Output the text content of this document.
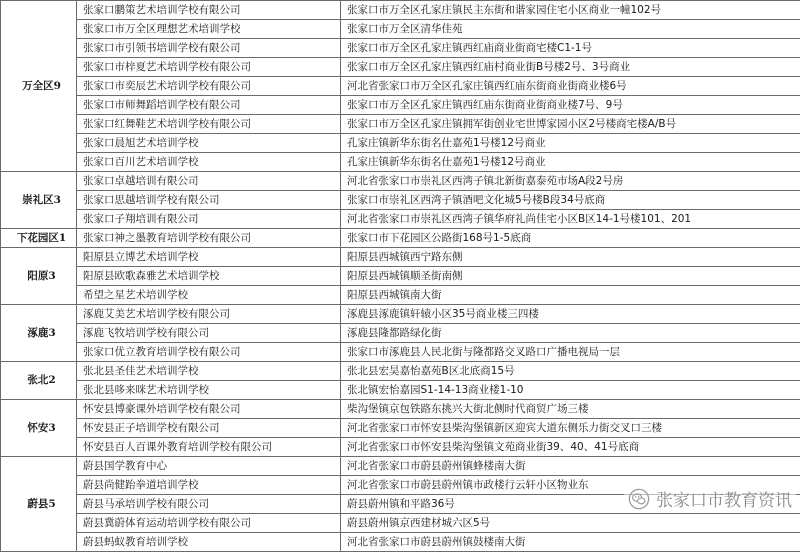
万全区9	张家口鹏策艺术培训学校有限公司	张家口市万全区孔家庄镇民主东街和谐家园住宅小区商业一幢102号
	张家口市万全区理想艺术培训学校	张家口市万全区清华佳苑
	张家口市引领书培训学校有限公司	张家口市万全区孔家庄镇西红庙商业街商宅楼C1-1号
	张家口市梓夏艺术培训学校有限公司	张家口市万全区孔家庄镇西红庙村商业街B号楼2号、3号商业
	张家口市奕辰艺术培训学校有限公司	河北省张家口市万全区孔家庄镇西红庙东街商业街商业楼6号
	张家口市师舞蹈培训学校有限公司	张家口市万全区孔家庄镇西红庙东街商业街商业楼7号、9号
	张家口红舞鞋艺术培训学校有限公司	张家口市万全区孔家庄镇拥军街创业宅世博家园小区2号楼商宅楼A/B号
	张家口晨旭艺术培训学校	孔家庄镇新华东街名仕嘉苑1号楼12号商业
	张家口百川艺术培训学校	孔家庄镇新华东街名仕嘉苑1号楼12号商业
崇礼区3	张家口卓越培训有限公司	河北省张家口市崇礼区西湾子镇北新街嘉泰苑市场A段2号房
	张家口思越培训学校有限公司	张家口市崇礼区西湾子镇酒吧文化城5号楼B段34号底商
	张家口子翔培训有限公司	河北省张家口市崇礼区西湾子镇华府礼尚佳宅小区B区14-1号楼101、201
下花园区1	张家口神之墨教育培训学校有限公司	张家口市下花园区公路街168号1-5底商
阳原3	阳原县立博艺术培训学校	阳原县西城镇西宁路东侧
	阳原县欧歌森雅艺术培训学校	阳原县西城镇顺圣街南侧
	希望之星艺术培训学校	阳原县西城镇南大街
涿鹿3	涿鹿艾美艺术培训学校有限公司	涿鹿县涿鹿镇轩辕小区35号商业楼三四楼
	涿鹿飞牧培训学校有限公司	涿鹿县隆都路绿化街
	张家口优立教育培训学校有限公司	张家口市涿鹿县人民北街与隆都路交叉路口广播电视局一层
张北2	张北县圣佳艺术培训学校	张北县宏昊嘉怡嘉苑B区北底商15号
	张北县哆来咪艺术培训学校	张北镇宏怡嘉园S1-14-13商业楼1-10
怀安3	怀安县博豪课外培训学校有限公司	柴沟堡镇京包铁路东挑兴大街北侧时代商贸广场三楼
	怀安县正子培训学校有限公司	河北省张家口市怀安县柴沟堡镇新区迎宾大道东侧乐力街交叉口三楼
	怀安县百人百课外教育培训学校有限公司	河北省张家口市怀安县柴沟堡镇文苑商业街39、40、41号底商
蔚县5	蔚县国学教育中心	河北省张家口市蔚县蔚州镇蜂楼南大街
	蔚县尚健跆拳道培训学校	河北省张家口市蔚县蔚州镇市政楼行云轩小区物业东
	蔚县马承培训学校有限公司	蔚县蔚州镇和平路36号
	蔚县冀蔚体育运动培训学校有限公司	蔚县蔚州镇京西建材城六区5号
	蔚县蚂蚁教育培训学校	河北省张家口市蔚县蔚州镇鼓楼南大街
张家口市教育资讯
